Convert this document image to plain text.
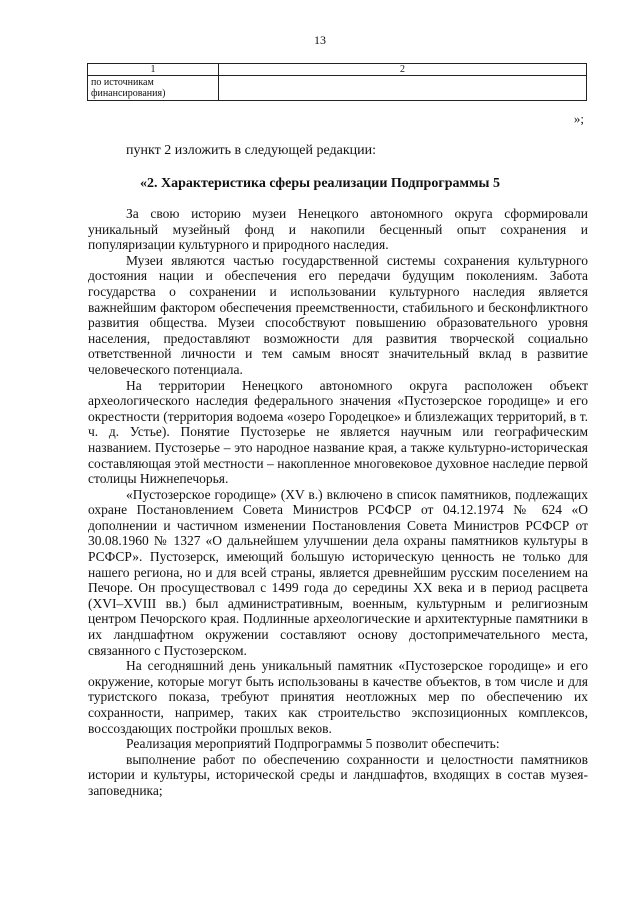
13
1	2
по источникам финансирования)	
»;
пункт 2 изложить в следующей редакции:
«2. Характеристика сферы реализации Подпрограммы 5

За свою историю музеи Ненецкого автономного округа сформировали уникальный музейный фонд и накопили бесценный опыт сохранения и популяризации культурного и природного наследия.

Музеи являются частью государственной системы сохранения культурного достояния нации и обеспечения его передачи будущим поколениям. Забота государства о сохранении и использовании культурного наследия является важнейшим фактором обеспечения преемственности, стабильного и бесконфликтного развития общества. Музеи способствуют повышению образовательного уровня населения, предоставляют возможности для развития творческой социально ответственной личности и тем самым вносят значительный вклад в развитие человеческого потенциала.

На территории Ненецкого автономного округа расположен объект археологического наследия федерального значения «Пустозерское городище» и его окрестности (территория водоема «озеро Городецкое» и близлежащих территорий, в т. ч. д. Устье). Понятие Пустозерье не является научным или географическим названием. Пустозерье – это народное название края, а также культурно-историческая составляющая этой местности – накопленное многовековое духовное наследие первой столицы Нижнепечорья.

«Пустозерское городище» (XV в.) включено в список памятников, подлежащих охране Постановлением Совета Министров РСФСР от 04.12.1974 № 624 «О дополнении и частичном изменении Постановления Совета Министров РСФСР от 30.08.1960 № 1327 «О дальнейшем улучшении дела охраны памятников культуры в РСФСР». Пустозерск, имеющий большую историческую ценность не только для нашего региона, но и для всей страны, является древнейшим русским поселением на Печоре. Он просуществовал с 1499 года до середины XX века и в период расцвета (XVI–XVIII вв.) был административным, военным, культурным и религиозным центром Печорского края. Подлинные археологические и архитектурные памятники в их ландшафтном окружении составляют основу достопримечательного места, связанного с Пустозерском.

На сегодняшний день уникальный памятник «Пустозерское городище» и его окружение, которые могут быть использованы в качестве объектов, в том числе и для туристского показа, требуют принятия неотложных мер по обеспечению их сохранности, например, таких как строительство экспозиционных комплексов, воссоздающих постройки прошлых веков.

Реализация мероприятий Подпрограммы 5 позволит обеспечить:

выполнение работ по обеспечению сохранности и целостности памятников истории и культуры, исторической среды и ландшафтов, входящих в состав музея-заповедника;
